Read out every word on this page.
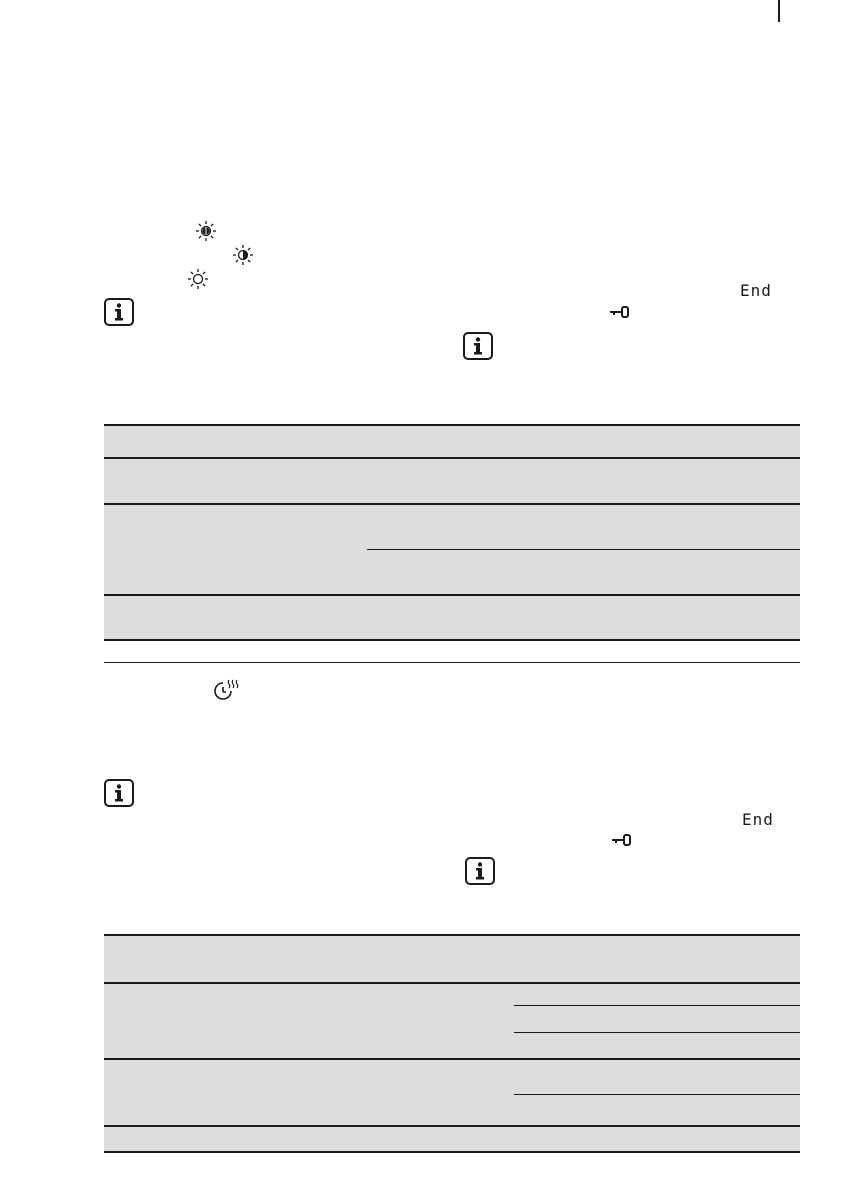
End
End
